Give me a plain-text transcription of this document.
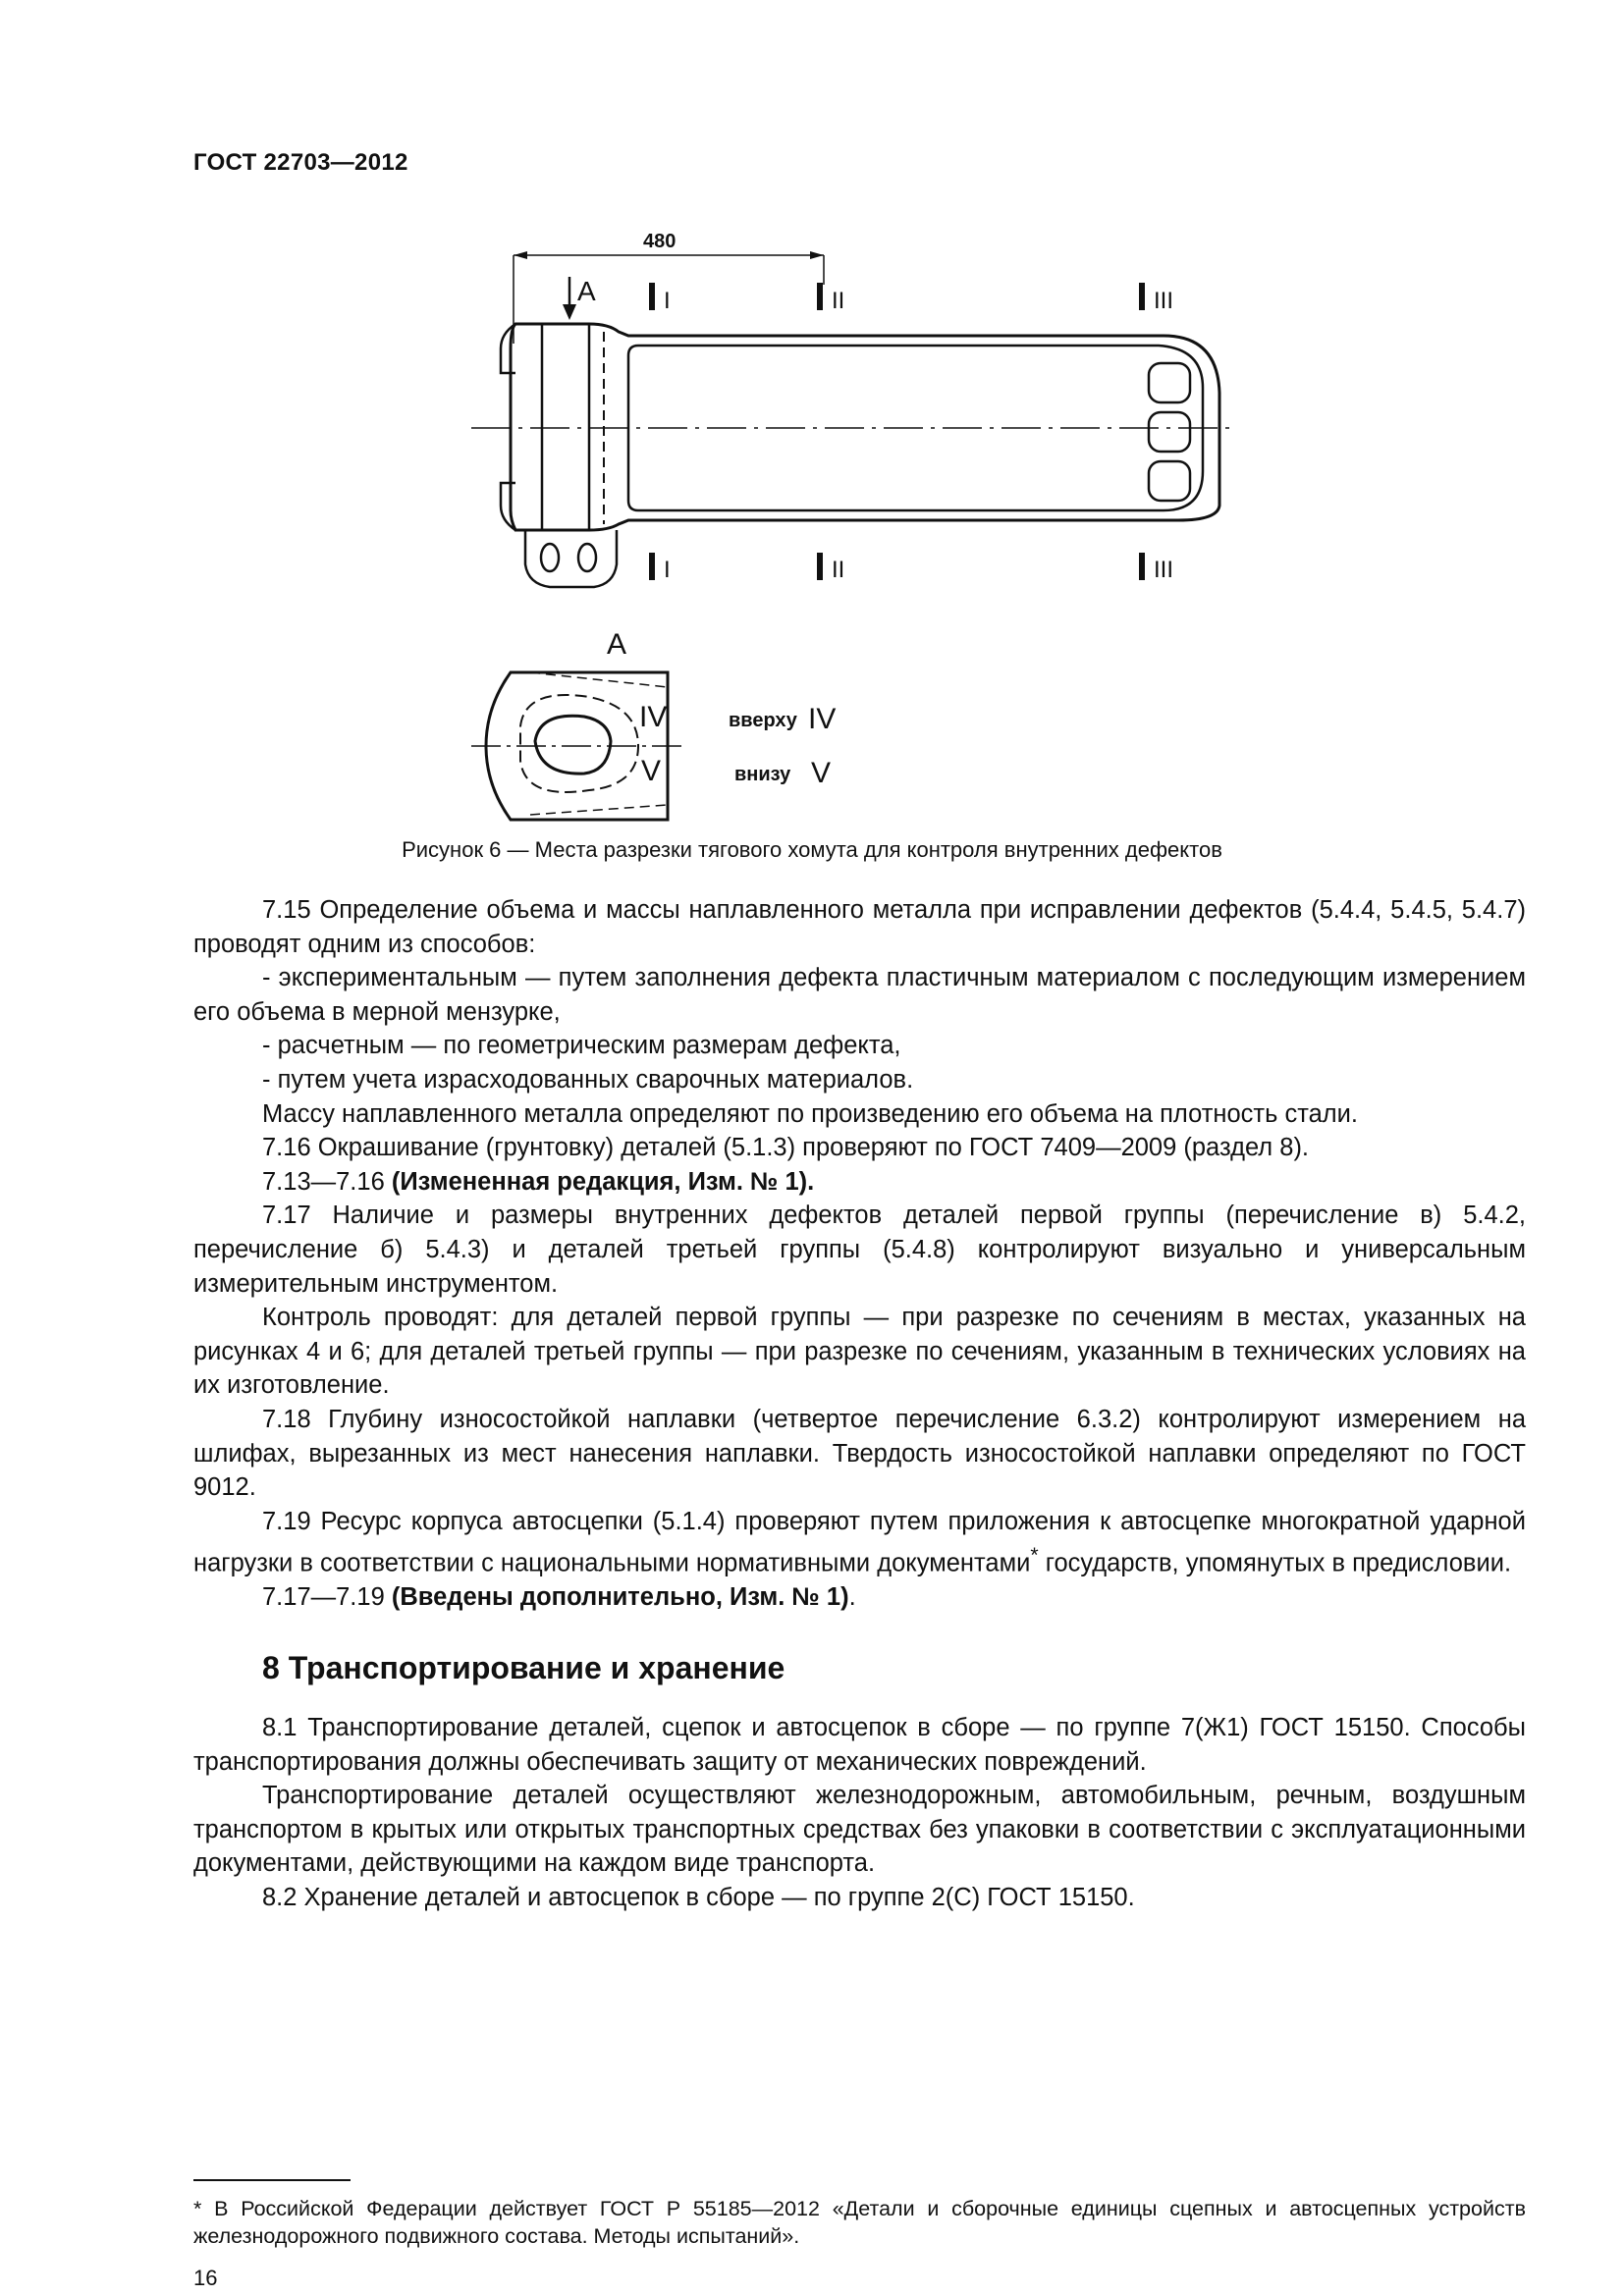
ГОСТ 22703—2012
480
A	I	II	III
I	II	III
A
IV
V
вверху IV
внизу V
Рисунок 6 — Места разрезки тягового хомута для контроля внутренних дефектов

7.15 Определение объема и массы наплавленного металла при исправлении дефектов (5.4.4, 5.4.5, 5.4.7) проводят одним из способов:

- экспериментальным — путем заполнения дефекта пластичным материалом с последующим измерением его объема в мерной мензурке,

- расчетным — по геометрическим размерам дефекта,

- путем учета израсходованных сварочных материалов.

Массу наплавленного металла определяют по произведению его объема на плотность стали.

7.16 Окрашивание (грунтовку) деталей (5.1.3) проверяют по ГОСТ 7409—2009 (раздел 8).

7.13—7.16 (Измененная редакция, Изм. № 1).

7.17 Наличие и размеры внутренних дефектов деталей первой группы (перечисление в) 5.4.2, перечисление б) 5.4.3) и деталей третьей группы (5.4.8) контролируют визуально и универсальным измерительным инструментом.

Контроль проводят: для деталей первой группы — при разрезке по сечениям в местах, указанных на рисунках 4 и 6; для деталей третьей группы — при разрезке по сечениям, указанным в технических условиях на их изготовление.

7.18 Глубину износостойкой наплавки (четвертое перечисление 6.3.2) контролируют измерением на шлифах, вырезанных из мест нанесения наплавки. Твердость износостойкой наплавки определяют по ГОСТ 9012.

7.19 Ресурс корпуса автосцепки (5.1.4) проверяют путем приложения к автосцепке многократной ударной нагрузки в соответствии с национальными нормативными документами* государств, упомянутых в предисловии.

7.17—7.19 (Введены дополнительно, Изм. № 1).

8 Транспортирование и хранение

8.1 Транспортирование деталей, сцепок и автосцепок в сборе — по группе 7(Ж1) ГОСТ 15150. Способы транспортирования должны обеспечивать защиту от механических повреждений.

Транспортирование деталей осуществляют железнодорожным, автомобильным, речным, воздушным транспортом в крытых или открытых транспортных средствах без упаковки в соответствии с эксплуатационными документами, действующими на каждом виде транспорта.

8.2 Хранение деталей и автосцепок в сборе — по группе 2(С) ГОСТ 15150.

* В Российской Федерации действует ГОСТ Р 55185—2012 «Детали и сборочные единицы сцепных и автосцепных устройств железнодорожного подвижного состава. Методы испытаний».
16
